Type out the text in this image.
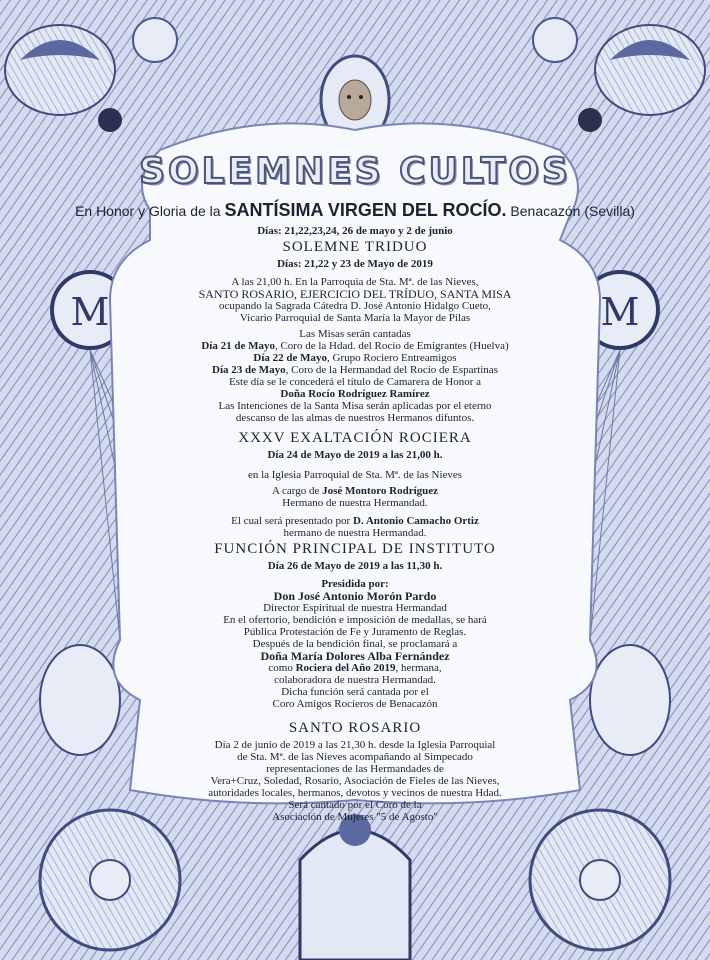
M	M
SOLEMNES CULTOS
En Honor y Gloria de la SANTÍSIMA VIRGEN DEL ROCÍO. Benacazón (Sevilla)

Días: 21,22,23,24, 26 de mayo y 2 de junio

SOLEMNE TRIDUO

Días: 21,22 y 23 de Mayo de 2019

A las 21,00 h. En la Parroquia de Sta. Mª. de las Nieves,

SANTO ROSARIO, EJERCICIO DEL TRÍDUO, SANTA MISA

ocupando la Sagrada Cátedra D. José Antonio Hidalgo Cueto,

Vicario Parroquial de Santa María la Mayor de Pilas

Las Misas serán cantadas

Día 21 de Mayo, Coro de la Hdad. del Rocío de Emigrantes (Huelva)

Día 22 de Mayo, Grupo Rociero Entreamigos

Día 23 de Mayo, Coro de la Hermandad del Rocío de Espartinas

Este día se le concederá el título de Camarera de Honor a

Doña Rocío Rodríguez Ramírez

Las Intenciones de la Santa Misa serán aplicadas por el eterno

descanso de las almas de nuestros Hermanos difuntos.

XXXV EXALTACIÓN ROCIERA

Día 24 de Mayo de 2019 a las 21,00 h.

en la Iglesia Parroquial de Sta. Mª. de las Nieves

A cargo de José Montoro Rodríguez

Hermano de nuestra Hermandad.

El cual será presentado por D. Antonio Camacho Ortiz

hermano de nuestra Hermandad.

FUNCIÓN PRINCIPAL DE INSTITUTO

Día 26 de Mayo de 2019 a las 11,30 h.

Presidida por:

Don José Antonio Morón Pardo

Director Espiritual de nuestra Hermandad

En el ofertorio, bendición e imposición de medallas, se hará

Pública Protestación de Fe y Juramento de Reglas.

Después de la bendición final, se proclamará a

Doña María Dolores Alba Fernández

como Rociera del Año 2019, hermana,

colaboradora de nuestra Hermandad.

Dicha función será cantada por el

Coro Amigos Rocieros de Benacazón

SANTO ROSARIO

Día 2 de junio de 2019 a las 21,30 h. desde la Iglesia Parroquial

de Sta. Mª. de las Nieves acompañando al Simpecado

representaciones de las Hermandades de

Vera+Cruz, Soledad, Rosario, Asociación de Fieles de las Nieves,

autoridades locales, hermanos, devotos y vecinos de nuestra Hdad.

Será cantado por el Coro de la

Asociación de Mujeres "5 de Agosto"
